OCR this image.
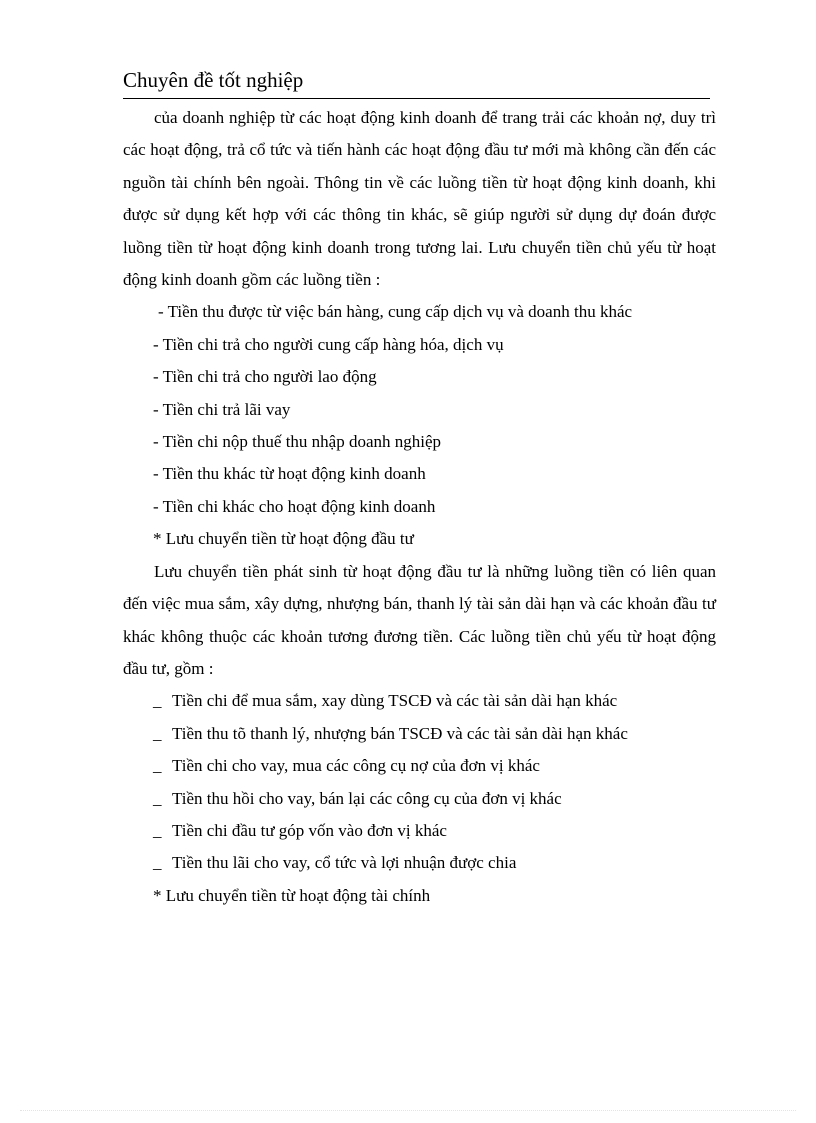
Chuyên đề tốt nghiệp

của doanh nghiệp từ các hoạt động kinh doanh để trang trải các khoản nợ, duy trì các hoạt động, trả cổ tức và tiến hành các hoạt động đầu tư mới mà không cần đến các nguồn tài chính bên ngoài. Thông tin về các luồng tiền từ hoạt động kinh doanh, khi được sử dụng kết hợp với các thông tin khác, sẽ giúp người sử dụng dự đoán được luồng tiền từ hoạt động kinh doanh trong tương lai. Lưu chuyển tiền chủ yếu từ hoạt động kinh doanh gồm các luồng tiền :

- Tiền thu được từ việc bán hàng, cung cấp dịch vụ và doanh thu khác

- Tiền chi trả cho người cung cấp hàng hóa, dịch vụ

- Tiền chi trả cho người lao động

- Tiền chi trả lãi vay

- Tiền chi nộp thuế thu nhập doanh nghiệp

- Tiền thu khác từ hoạt động kinh doanh

- Tiền chi khác cho hoạt động kinh doanh

* Lưu chuyển tiền từ hoạt động đầu tư

Lưu chuyển tiền phát sinh từ hoạt động đầu tư là những luồng tiền có liên quan đến việc mua sắm, xây dựng, nhượng bán, thanh lý tài sản dài hạn và các khoản đầu tư khác không thuộc các khoản tương đương tiền. Các luồng tiền chủ yếu từ hoạt động đầu tư, gồm :

_ Tiền chi để mua sắm, xay dùng TSCĐ và các tài sản dài hạn khác

_ Tiền thu tõ thanh lý, nhượng bán TSCĐ và các tài sản dài hạn khác

_ Tiền chi cho vay, mua các công cụ nợ của đơn vị khác

_ Tiền thu hồi cho vay, bán lại các công cụ của đơn vị khác

_ Tiền chi đầu tư góp vốn vào đơn vị khác

_ Tiền thu lãi cho vay, cổ tức và lợi nhuận được chia

* Lưu chuyển tiền từ hoạt động tài chính
